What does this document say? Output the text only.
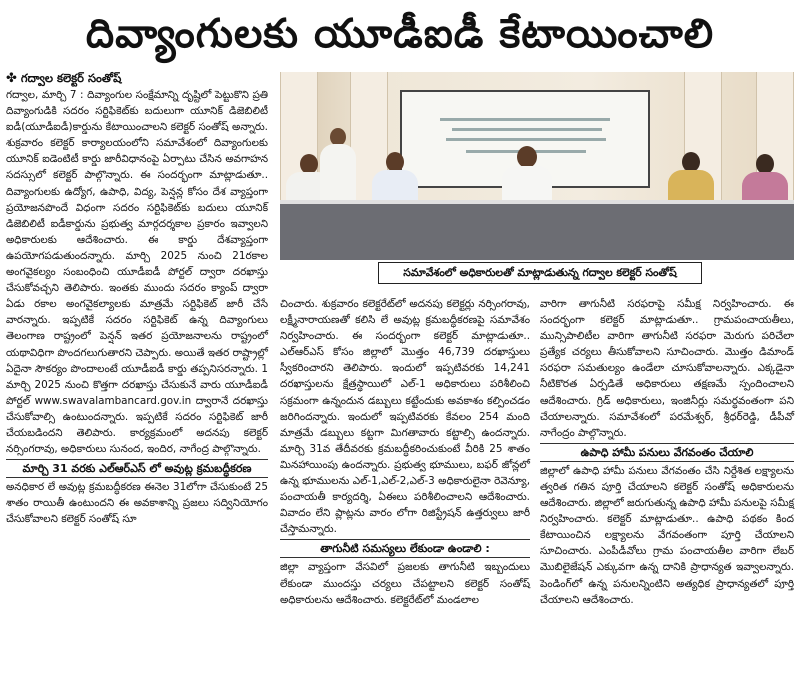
దివ్యాంగులకు యూడీఐడీ కేటాయించాలి
✤ గద్వాల కలెక్టర్ సంతోష్

గద్వాల, మార్చి 7 : దివ్యాంగుల సంక్షేమాన్ని దృష్టిలో పెట్టుకొని ప్రతి దివ్యాంగుడికి సదరం సర్టిఫికెట్‌కు బదులుగా యూనిక్ డిజెబిలిటీ ఐడీ(యూడీఐడీ)కార్డును కేటాయించాలని కలెక్టర్ సంతోష్ అన్నారు. శుక్రవారం కలెక్టర్ కార్యాలయంలోని సమావేశంలో దివ్యాంగులకు యూనిక్ ఐడెంటిటీ కార్డు జారీవిధానంపై ఏర్పాటు చేసిన అవగాహన సదస్సులో కలెక్టర్ పాల్గొన్నారు. ఈ సందర్భంగా మాట్లాడుతూ.. దివ్యాంగులకు ఉద్యోగ, ఉపాధి, విద్య, పెన్షన్ల కోసం దేశ వ్యాప్తంగా ప్రయోజనపొందే విధంగా సదరం సర్టిఫికెట్‌కు బదులు యూనిక్ డిజెబిలిటీ ఐడీకార్డును ప్రభుత్వ మార్గదర్శకాల ప్రకారం ఇవ్వాలని అధికారులకు ఆదేశించారు. ఈ కార్డు దేశవ్యాప్తంగా ఉపయోగపడుతుందన్నారు. మార్చి 2025 నుంచి 21రకాల అంగవైకల్యం సంబంధించి యూడీఐడీ పోర్టల్ ద్వారా దరఖాస్తు చేసుకోవచ్చని తెలిపారు. ఇంతకు ముందు సదరం క్యాంప్ ద్వారా ఏడు రకాల అంగవైకల్యాలకు మాత్రమే సర్టిఫికెట్ జారీ చేసే వారన్నారు. ఇప్పటికే సదరం సర్టిఫికెట్ ఉన్న దివ్యాంగులు తెలంగాణ రాష్ట్రంలో పెన్షన్ ఇతర ప్రయోజనాలను రాష్ట్రంలో యథావిధిగా పొందగలుగుతారని చెప్పారు. అయితే ఇతర రాష్ట్రాల్లో ఏదైనా సౌకర్యం పొందాలంటే యూడీఐడీ కార్డు తప్పనిసరన్నారు. 1 మార్చి 2025 నుంచి కొత్తగా దరఖాస్తు చేసుకునే వారు యూడీఐడీ పోర్టల్ www.swavalambancard.gov.in ద్వారానే దరఖాస్తు చేసుకోవాల్సి ఉంటుందన్నారు. ఇప్పటికే సదరం సర్టిఫికెట్ జారీ చేయబడిందని తెలిపారు. కార్యక్రమంలో అదనపు కలెక్టర్ నర్సింగరావు, అధికారులు సునంద, ఇందిర, నాగేంద్ర పాల్గొన్నారు.

మార్చి 31 వరకు ఎల్ఆర్ఎస్ లో అవుట్ల క్రమబద్ధీకరణ

అనధికార లే అవుట్ల క్రమబద్ధీకరణ ఈనెల 31లోగా చేసుకుంటే 25 శాతం రాయితీ ఉంటుందని ఈ అవకాశాన్ని ప్రజలు సద్వినియోగం చేసుకోవాలని కలెక్టర్ సంతోష్ సూ

సమావేశంలో అధికారులతో మాట్లాడుతున్న గద్వాల కలెక్టర్ సంతోష్

చించారు. శుక్రవారం కలెక్టరేట్‌లో అదనపు కలెక్టర్లు నర్సింగరావు, లక్ష్మీనారాయణతో కలిసి లే అవుట్ల క్రమబద్ధీకరణపై సమావేశం నిర్వహించారు. ఈ సందర్భంగా కలెక్టర్ మాట్లాడుతూ.. ఎల్ఆర్ఎస్ కోసం జిల్లాలో మొత్తం 46,739 దరఖాస్తులు స్వీకరించారని తెలిపారు. ఇందులో ఇప్పటివరకు 14,241 దరఖాస్తులను క్షేత్రస్థాయిలో ఎల్-1 అధికారులు పరిశీలించి సక్రమంగా ఉన్నందున డబ్బులు కట్టేందుకు అవకాశం కల్పించడం జరిగిందన్నారు. ఇందులో ఇప్పటివరకు కేవలం 254 మంది మాత్రమే డబ్బులు కట్టగా మిగతావారు కట్టాల్సి ఉందన్నారు. మార్చి 31వ తేదీవరకు క్రమబద్ధీకరించుకుంటే వీరికి 25 శాతం మినహాయింపు ఉందన్నారు. ప్రభుత్వ భూములు, బఫర్ జోన్లలో ఉన్న భూములను ఎల్-1,ఎల్-2,ఎల్-3 అధికారులైనా రెవెన్యూ, పంచాయతీ కార్యదర్శి, ఏఈలు పరిశీలించాలని ఆదేశించారు. వివాదం లేని ప్లాట్లను వారం లోగా రిజిస్ట్రేషన్ ఉత్తర్వులు జారీ చేస్తామన్నారు.

తాగునీటి సమస్యలు లేకుండా ఉండాలి :

జిల్లా వ్యాప్తంగా వేసవిలో ప్రజలకు తాగునీటి ఇబ్బందులు లేకుండా ముందస్తు చర్యలు చేపట్టాలని కలెక్టర్ సంతోష్ అధికారులను ఆదేశించారు. కలెక్టరేట్‌లో మండలాల

వారిగా తాగునీటి సరఫరాపై సమీక్ష నిర్వహించారు. ఈ సందర్భంగా కలెక్టర్ మాట్లాడుతూ.. గ్రామపంచాయతీలు, మున్సిపాలిటీల వారిగా తాగునీటి సరఫరా మెరుగు పరిచేలా ప్రత్యేక చర్యలు తీసుకోవాలని సూచించారు. మొత్తం డిమాండ్ సరఫరా సమతుల్యం ఉండేలా చూసుకోవాలన్నారు. ఎక్కడైనా నీటికొరత ఏర్పడితే అధికారులు తక్షణమే స్పందించాలని ఆదేశించారు. గ్రిడ్ అధికారులు, ఇంజినీర్లు సమర్థవంతంగా పని చేయాలన్నారు. సమావేశంలో పరమేశ్వర్, శ్రీధర్‌రెడ్డి, డీపీవో నాగేంద్రం పాల్గొన్నారు.

ఉపాధి హామీ పనులు వేగవంతం చేయాలి

జిల్లాలో ఉపాధి హామీ పనులు వేగవంతం చేసి నిర్దేశిత లక్ష్యాలను త్వరిత గతిన పూర్తి చేయాలని కలెక్టర్ సంతోష్ అధికారులను ఆదేశించారు. జిల్లాలో జరుగుతున్న ఉపాధి హామీ పనులపై సమీక్ష నిర్వహించారు. కలెక్టర్ మాట్లాడుతూ.. ఉపాధి పథకం కింద కేటాయించిన లక్ష్యాలను వేగవంతంగా పూర్తి చేయాలని సూచించారు. ఎంపీడీవోలు గ్రామ పంచాయతీల వారిగా లేబర్ మొబిలైజేషన్ ఎక్కువగా ఉన్న దానికి ప్రాధాన్యత ఇవ్వాలన్నారు. పెండింగ్‌లో ఉన్న పనులన్నింటిని అత్యధిక ప్రాధాన్యతలో పూర్తి చేయాలని ఆదేశించారు.
